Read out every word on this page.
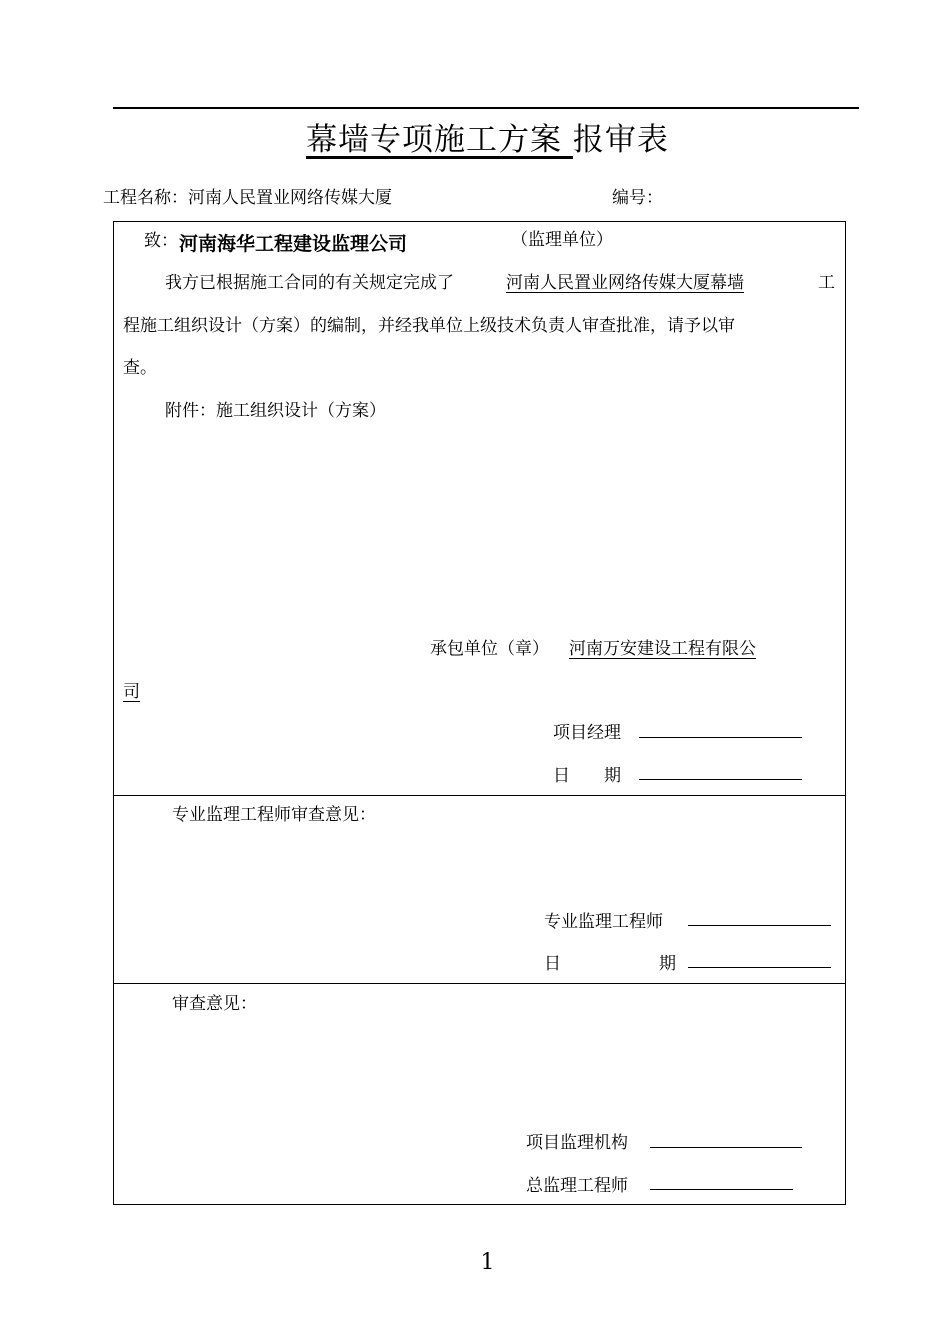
幕墙专项施工方案 报审表
工程名称：河南人民置业网络传媒大厦	编号：
致： 河南海华工程建设监理公司	（监理单位）
我方已根据施工合同的有关规定完成了	河南人民置业网络传媒大厦幕墙	工
程施工组织设计（方案）的编制，并经我单位上级技术负责人审查批准，请予以审
查。
附件：施工组织设计（方案）
承包单位（章） 河南万安建设工程有限公
司
项目经理
日　　期
专业监理工程师审查意见：
专业监理工程师
日	期
审查意见：
项目监理机构
总监理工程师
1
